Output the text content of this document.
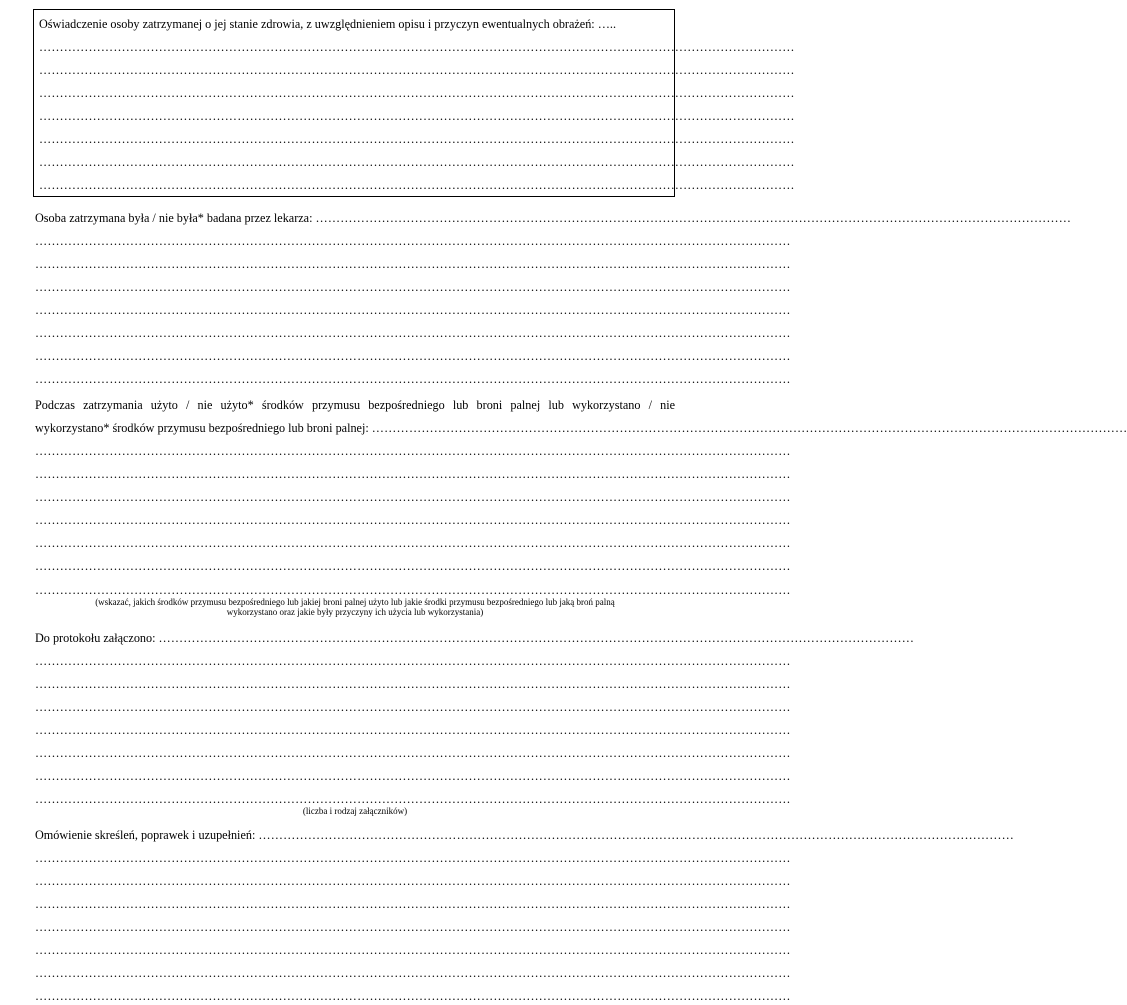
Oświadczenie osoby zatrzymanej o jej stanie zdrowia, z uwzględnieniem opisu i przyczyn ewentualnych obrażeń: …..
…………………………………………………………………………………………………………………………………………………………………
…………………………………………………………………………………………………………………………………………………………………
…………………………………………………………………………………………………………………………………………………………………
…………………………………………………………………………………………………………………………………………………………………
…………………………………………………………………………………………………………………………………………………………………
…………………………………………………………………………………………………………………………………………………………………
…………………………………………………………………………………………………………………………………………………………………
Osoba zatrzymana była / nie była* badana przez lekarza: …………………………………………………………………………………………………………………………………………………………………
…………………………………………………………………………………………………………………………………………………………………
…………………………………………………………………………………………………………………………………………………………………
…………………………………………………………………………………………………………………………………………………………………
…………………………………………………………………………………………………………………………………………………………………
…………………………………………………………………………………………………………………………………………………………………
…………………………………………………………………………………………………………………………………………………………………
…………………………………………………………………………………………………………………………………………………………………
Podczas zatrzymania użyto / nie użyto* środków przymusu bezpośredniego lub broni palnej lub wykorzystano / nie
wykorzystano* środków przymusu bezpośredniego lub broni palnej: …………………………………………………………………………………………………………………………………………………………………
…………………………………………………………………………………………………………………………………………………………………
…………………………………………………………………………………………………………………………………………………………………
…………………………………………………………………………………………………………………………………………………………………
…………………………………………………………………………………………………………………………………………………………………
…………………………………………………………………………………………………………………………………………………………………
…………………………………………………………………………………………………………………………………………………………………
…………………………………………………………………………………………………………………………………………………………………
(wskazać, jakich środków przymusu bezpośredniego lub jakiej broni palnej użyto lub jakie środki przymusu bezpośredniego lub jaką broń palną
wykorzystano oraz jakie były przyczyny ich użycia lub wykorzystania)
Do protokołu załączono: …………………………………………………………………………………………………………………………………………………………………
…………………………………………………………………………………………………………………………………………………………………
…………………………………………………………………………………………………………………………………………………………………
…………………………………………………………………………………………………………………………………………………………………
…………………………………………………………………………………………………………………………………………………………………
…………………………………………………………………………………………………………………………………………………………………
…………………………………………………………………………………………………………………………………………………………………
…………………………………………………………………………………………………………………………………………………………………
(liczba i rodzaj załączników)
Omówienie skreśleń, poprawek i uzupełnień: …………………………………………………………………………………………………………………………………………………………………
…………………………………………………………………………………………………………………………………………………………………
…………………………………………………………………………………………………………………………………………………………………
…………………………………………………………………………………………………………………………………………………………………
…………………………………………………………………………………………………………………………………………………………………
…………………………………………………………………………………………………………………………………………………………………
…………………………………………………………………………………………………………………………………………………………………
…………………………………………………………………………………………………………………………………………………………………
